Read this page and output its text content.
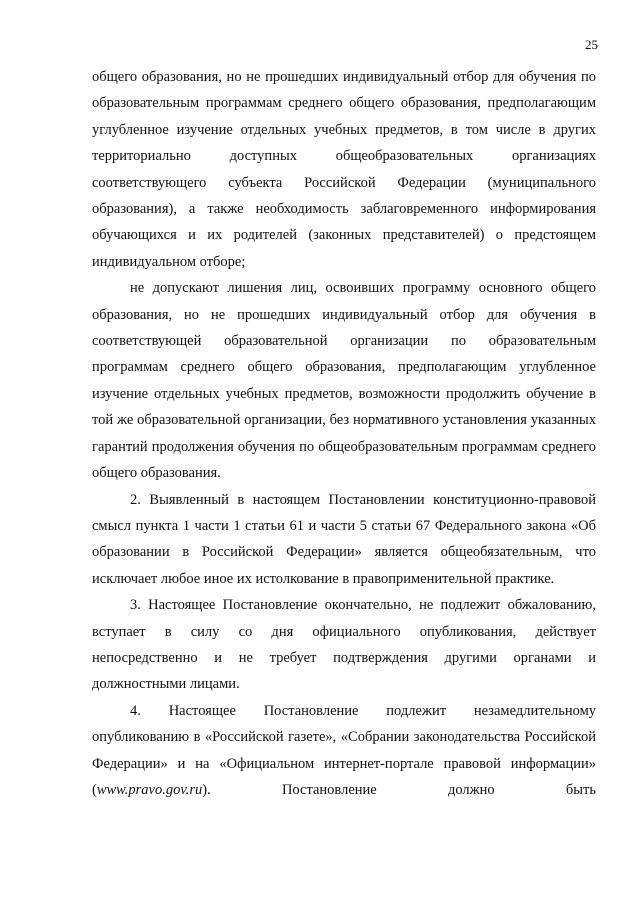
25

общего образования, но не прошедших индивидуальный отбор для обучения по образовательным программам среднего общего образования, предполагающим углубленное изучение отдельных учебных предметов, в том числе в других территориально доступных общеобразовательных организациях соответствующего субъекта Российской Федерации (муниципального образования), а также необходимость заблаговременного информирования обучающихся и их родителей (законных представителей) о предстоящем индивидуальном отборе;

не допускают лишения лиц, освоивших программу основного общего образования, но не прошедших индивидуальный отбор для обучения в соответствующей образовательной организации по образовательным программам среднего общего образования, предполагающим углубленное изучение отдельных учебных предметов, возможности продолжить обучение в той же образовательной организации, без нормативного установления указанных гарантий продолжения обучения по общеобразовательным программам среднего общего образования.

2. Выявленный в настоящем Постановлении конституционно-правовой смысл пункта 1 части 1 статьи 61 и части 5 статьи 67 Федерального закона «Об образовании в Российской Федерации» является общеобязательным, что исключает любое иное их истолкование в правоприменительной практике.

3. Настоящее Постановление окончательно, не подлежит обжалованию, вступает в силу со дня официального опубликования, действует непосредственно и не требует подтверждения другими органами и должностными лицами.

4. Настоящее Постановление подлежит незамедлительному опубликованию в «Российской газете», «Собрании законодательства Российской Федерации» и на «Официальном интернет-портале правовой информации» (www.pravo.gov.ru). Постановление должно быть
